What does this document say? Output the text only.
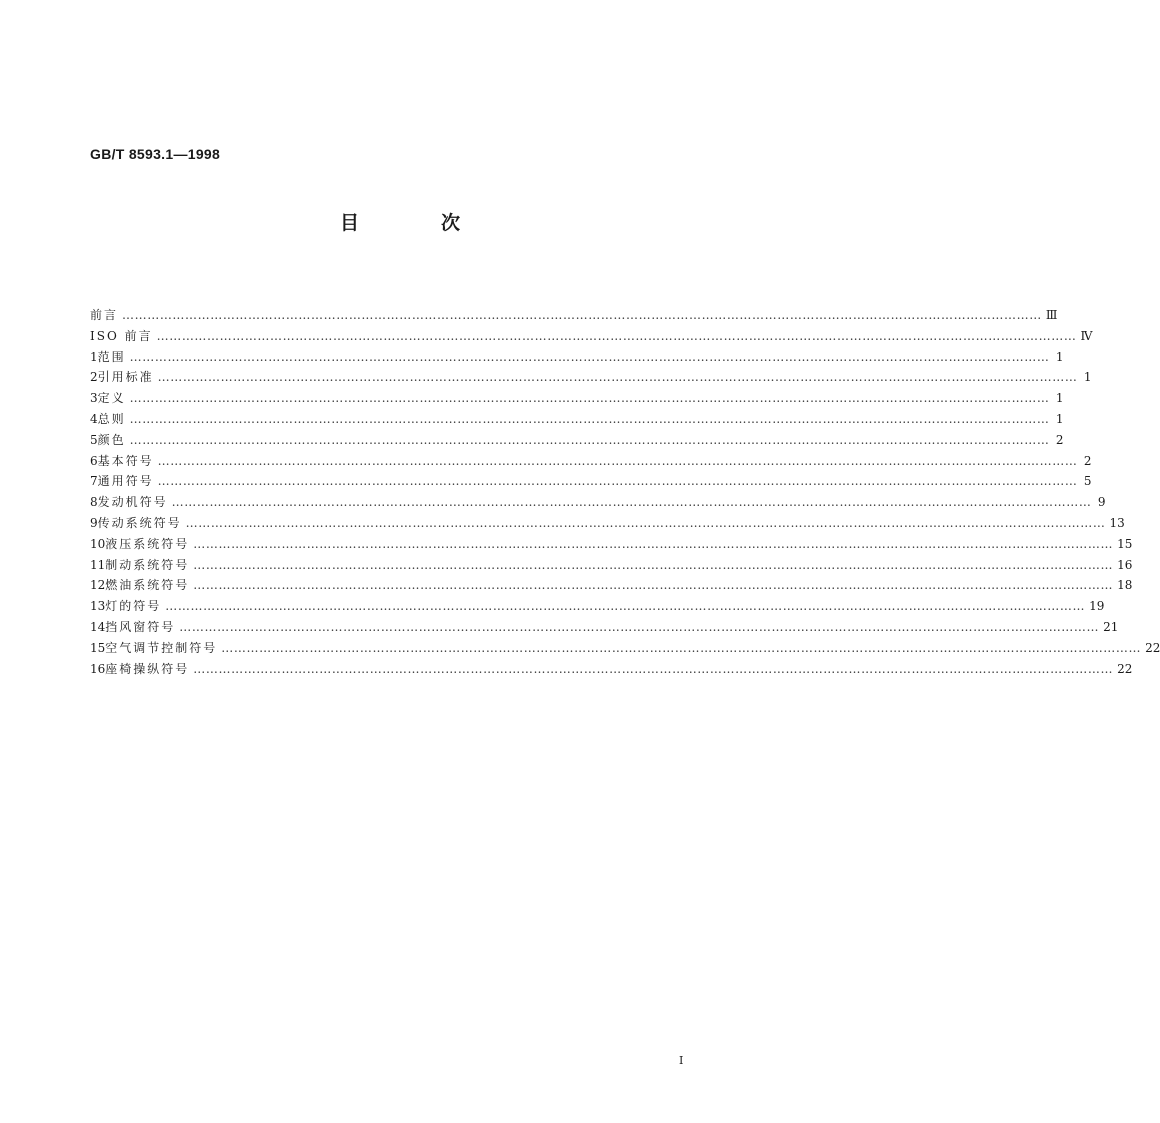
GB/T 8593.1—1998
目	次
前言 ………………………………………………………………………………………………………………………………………………………………………………………………… Ⅲ
ISO 前言 ………………………………………………………………………………………………………………………………………………………………………………………………… Ⅳ
1 范围 ………………………………………………………………………………………………………………………………………………………………………………………………… 1
2 引用标准 ………………………………………………………………………………………………………………………………………………………………………………………………… 1
3 定义 ………………………………………………………………………………………………………………………………………………………………………………………………… 1
4 总则 ………………………………………………………………………………………………………………………………………………………………………………………………… 1
5 颜色 ………………………………………………………………………………………………………………………………………………………………………………………………… 2
6 基本符号 ………………………………………………………………………………………………………………………………………………………………………………………………… 2
7 通用符号 ………………………………………………………………………………………………………………………………………………………………………………………………… 5
8 发动机符号 ………………………………………………………………………………………………………………………………………………………………………………………………… 9
9 传动系统符号 ………………………………………………………………………………………………………………………………………………………………………………………………… 13
10 液压系统符号 ………………………………………………………………………………………………………………………………………………………………………………………………… 15
11 制动系统符号 ………………………………………………………………………………………………………………………………………………………………………………………………… 16
12 燃油系统符号 ………………………………………………………………………………………………………………………………………………………………………………………………… 18
13 灯的符号 ………………………………………………………………………………………………………………………………………………………………………………………………… 19
14 挡风窗符号 ………………………………………………………………………………………………………………………………………………………………………………………………… 21
15 空气调节控制符号 ………………………………………………………………………………………………………………………………………………………………………………………………… 22
16 座椅操纵符号 ………………………………………………………………………………………………………………………………………………………………………………………………… 22
I
